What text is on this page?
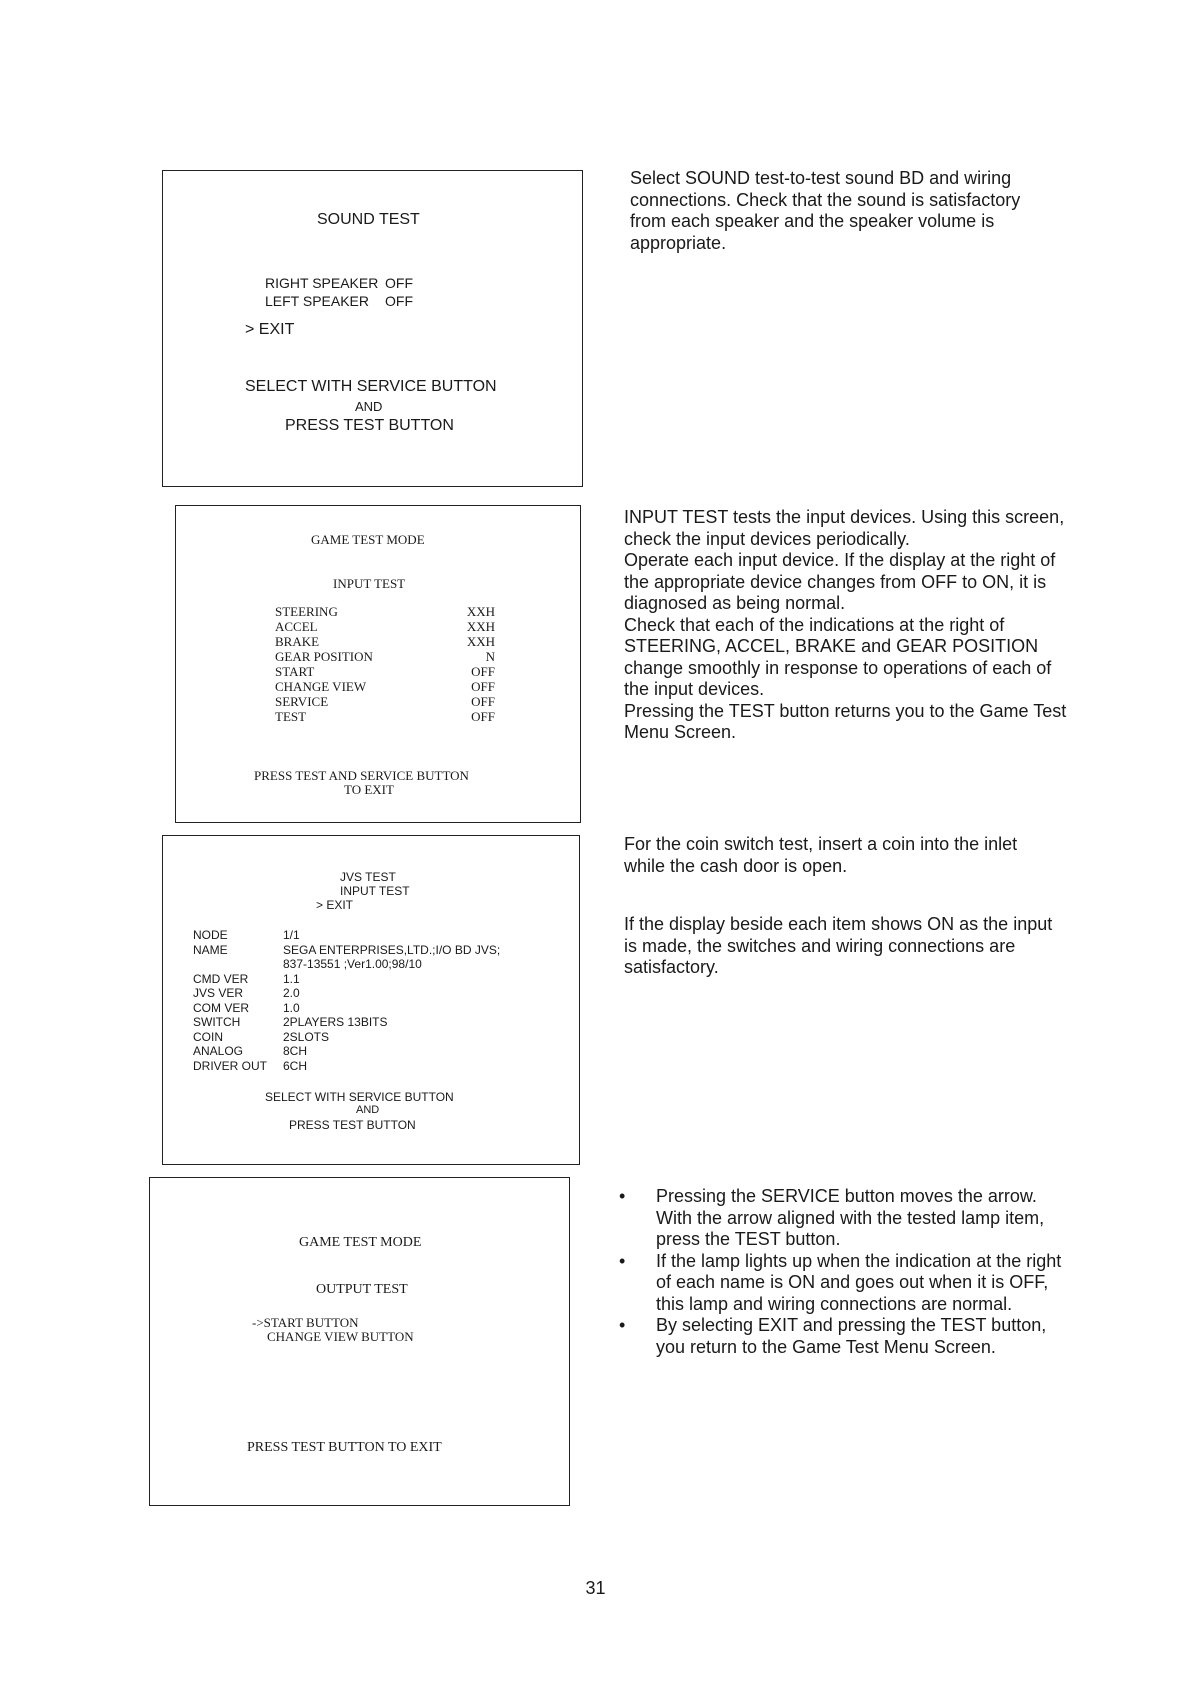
SOUND TEST
RIGHT SPEAKER OFF
LEFT SPEAKER OFF
> EXIT
SELECT WITH SERVICE BUTTON
AND
PRESS TEST BUTTON
Select SOUND test-to-test sound BD and wiring connections. Check that the sound is satisfactory from each speaker and the speaker volume is appropriate.
GAME TEST MODE
INPUT TEST
STEERING	XXH
ACCEL	XXH
BRAKE	XXH
GEAR POSITION	N
START	OFF
CHANGE VIEW	OFF
SERVICE	OFF
TEST	OFF
PRESS TEST AND SERVICE BUTTON
TO EXIT

INPUT TEST tests the input devices. Using this screen, check the input devices periodically.

Operate each input device. If the display at the right of the appropriate device changes from OFF to ON, it is diagnosed as being normal.

Check that each of the indications at the right of STEERING, ACCEL, BRAKE and GEAR POSITION change smoothly in response to operations of each of the input devices.

Pressing the TEST button returns you to the Game Test Menu Screen.

JVS TEST
INPUT TEST
> EXIT
NODE	1/1
NAME	SEGA ENTERPRISES,LTD.;I/O BD JVS;
837-13551 ;Ver1.00;98/10
CMD VER	1.1
JVS VER	2.0
COM VER	1.0
SWITCH	2PLAYERS 13BITS
COIN	2SLOTS
ANALOG	8CH
DRIVER OUT 6CH
SELECT WITH SERVICE BUTTON
AND
PRESS TEST BUTTON
For the coin switch test, insert a coin into the inlet while the cash door is open.
If the display beside each item shows ON as the input is made, the switches and wiring connections are satisfactory.
GAME TEST MODE
OUTPUT TEST
->START BUTTON
CHANGE VIEW BUTTON
PRESS TEST BUTTON TO EXIT
• Pressing the SERVICE button moves the arrow. With the arrow aligned with the tested lamp item, press the TEST button.
• If the lamp lights up when the indication at the right of each name is ON and goes out when it is OFF, this lamp and wiring connections are normal.
• By selecting EXIT and pressing the TEST button, you return to the Game Test Menu Screen.
31
